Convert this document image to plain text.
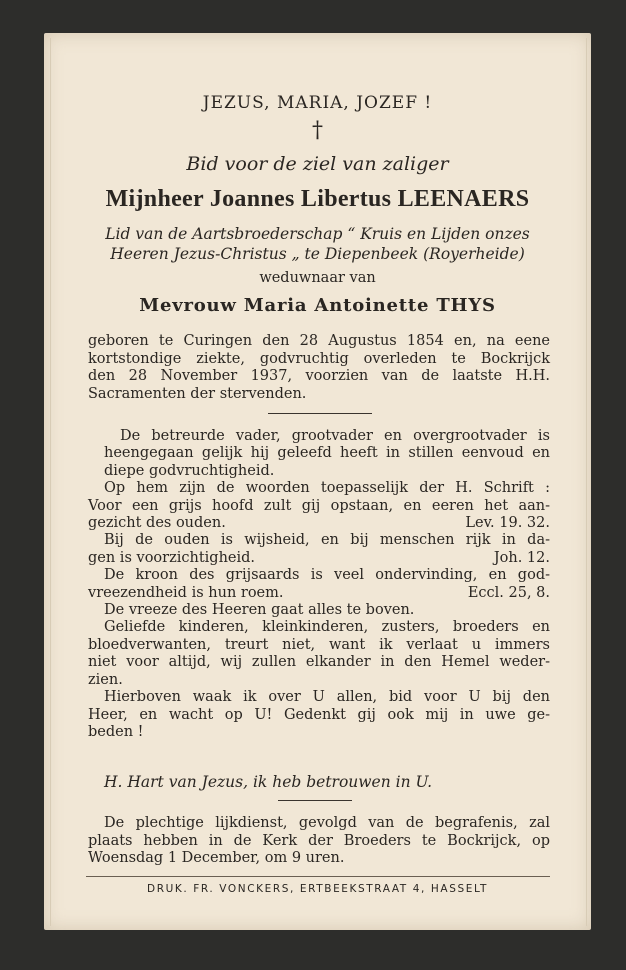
JEZUS, MARIA, JOZEF !
†
Bid voor de ziel van zaliger
Mijnheer Joannes Libertus LEENAERS
Lid van de Aartsbroederschap “ Kruis en Lijden onzes
Heeren Jezus-Christus „ te Diepenbeek (Royerheide)
weduwnaar van
Mevrouw Maria Antoinette THYS
geboren te Curingen den 28 Augustus 1854 en, na eene
kortstondige ziekte, godvruchtig overleden te Bockrijck
den 28 November 1937, voorzien van de laatste H.H.
Sacramenten der stervenden.
De betreurde vader, grootvader en overgrootvader is
heengegaan gelijk hij geleefd heeft in stillen eenvoud en
diepe godvruchtigheid.
Op hem zijn de woorden toepasselijk der H. Schrift :
Voor een grijs hoofd zult gij opstaan, en eeren het aan-
gezicht des ouden.	Lev. 19. 32.
Bij de ouden is wijsheid, en bij menschen rijk in da-
gen is voorzichtigheid.	Joh. 12.
De kroon des grijsaards is veel ondervinding, en god-
vreezendheid is hun roem.	Eccl. 25, 8.
De vreeze des Heeren gaat alles te boven.
Geliefde kinderen, kleinkinderen, zusters, broeders en
bloedverwanten, treurt niet, want ik verlaat u immers
niet voor altijd, wij zullen elkander in den Hemel weder-
zien.
Hierboven waak ik over U allen, bid voor U bij den
Heer, en wacht op U! Gedenkt gij ook mij in uwe ge-
beden !
H. Hart van Jezus, ik heb betrouwen in U.
De plechtige lijkdienst, gevolgd van de begrafenis, zal
plaats hebben in de Kerk der Broeders te Bockrijck, op
Woensdag 1 December, om 9 uren.
DRUK. FR. VONCKERS, ERTBEEKSTRAAT 4, HASSELT
